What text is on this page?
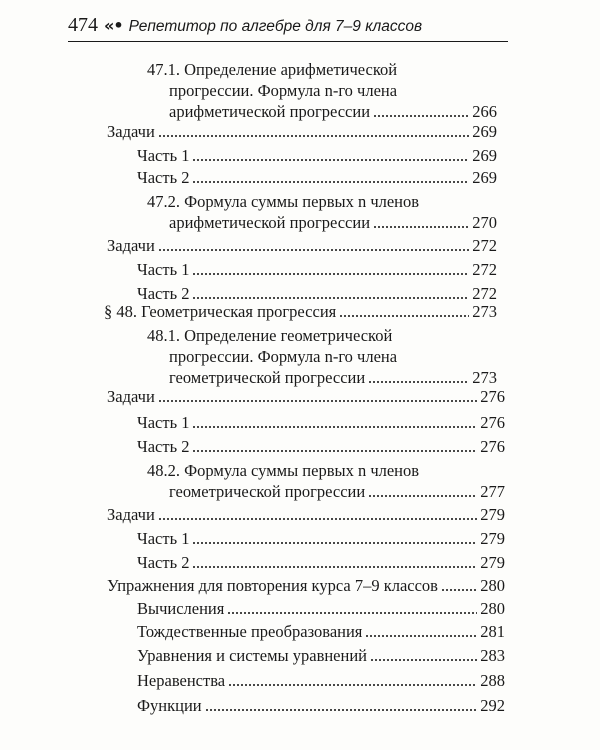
474 «• Репетитор по алгебре для 7–9 классов
47.1. Определение арифметической
прогрессии. Формула n-го члена
арифметической прогрессии	266
Задачи	269
Часть 1	269
Часть 2	269
47.2. Формула суммы первых n членов
арифметической прогрессии	270
Задачи	272
Часть 1	272
Часть 2	272
§ 48. Геометрическая прогрессия	273
48.1. Определение геометрической
прогрессии. Формула n-го члена
геометрической прогрессии	273
Задачи	276
Часть 1	276
Часть 2	276
48.2. Формула суммы первых n членов
геометрической прогрессии	277
Задачи	279
Часть 1	279
Часть 2	279
Упражнения для повторения курса 7–9 классов	280
Вычисления	280
Тождественные преобразования	281
Уравнения и системы уравнений	283
Неравенства	288
Функции	292
